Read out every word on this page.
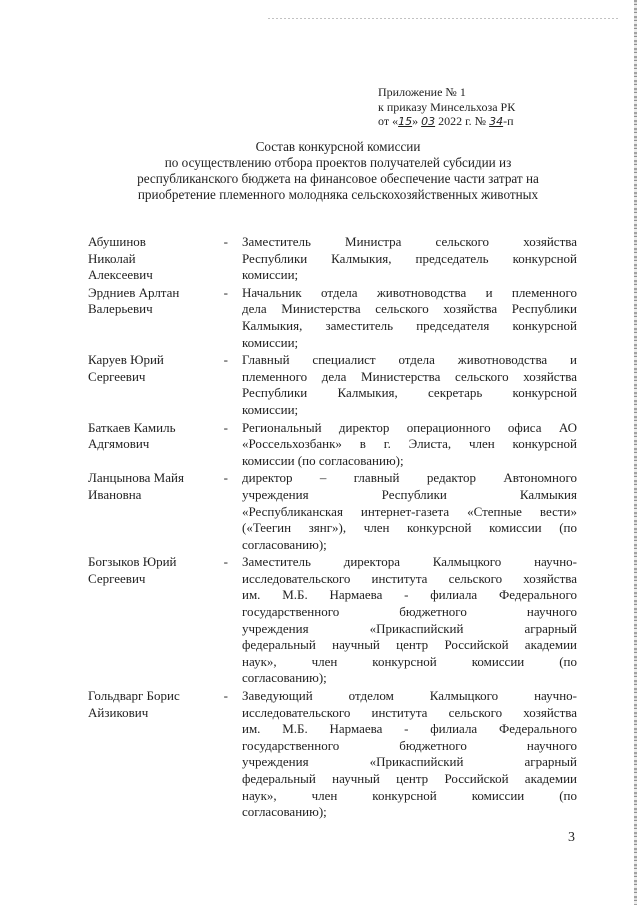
Приложение № 1
к приказу Минсельхоза РК
от «15» 03 2022 г. № 34-п
Состав конкурсной комиссии
по осуществлению отбора проектов получателей субсидии из
республиканского бюджета на финансовое обеспечение части затрат на
приобретение племенного молодняка сельскохозяйственных животных
Абушинов
Николай
Алексеевич
- Заместитель Министра сельского хозяйства
Республики Калмыкия, председатель конкурсной
комиссии;
Эрдниев Арлтан
Валерьевич
- Начальник отдела животноводства и племенного
дела Министерства сельского хозяйства Республики
Калмыкия, заместитель председателя конкурсной
комиссии;
Каруев Юрий
Сергеевич
- Главный специалист отдела животноводства и
племенного дела Министерства сельского хозяйства
Республики Калмыкия, секретарь конкурсной
комиссии;
Баткаев Камиль
Адгямович
- Региональный директор операционного офиса АО
«Россельхозбанк» в г. Элиста, член конкурсной
комиссии (по согласованию);
Ланцынова Майя
Ивановна
- директор – главный редактор Автономного
учреждения Республики Калмыкия
«Республиканская интернет-газета «Степные вести»
(«Теегин зянг»), член конкурсной комиссии (по
согласованию);
Богзыков Юрий
Сергеевич
- Заместитель директора Калмыцкого научно-
исследовательского института сельского хозяйства
им. М.Б. Нармаева - филиала Федерального
государственного бюджетного научного
учреждения «Прикаспийский аграрный
федеральный научный центр Российской академии
наук», член конкурсной комиссии (по
согласованию);
Гольдварг Борис
Айзикович
- Заведующий отделом Калмыцкого научно-
исследовательского института сельского хозяйства
им. М.Б. Нармаева - филиала Федерального
государственного бюджетного научного
учреждения «Прикаспийский аграрный
федеральный научный центр Российской академии
наук», член конкурсной комиссии (по
согласованию);
3
